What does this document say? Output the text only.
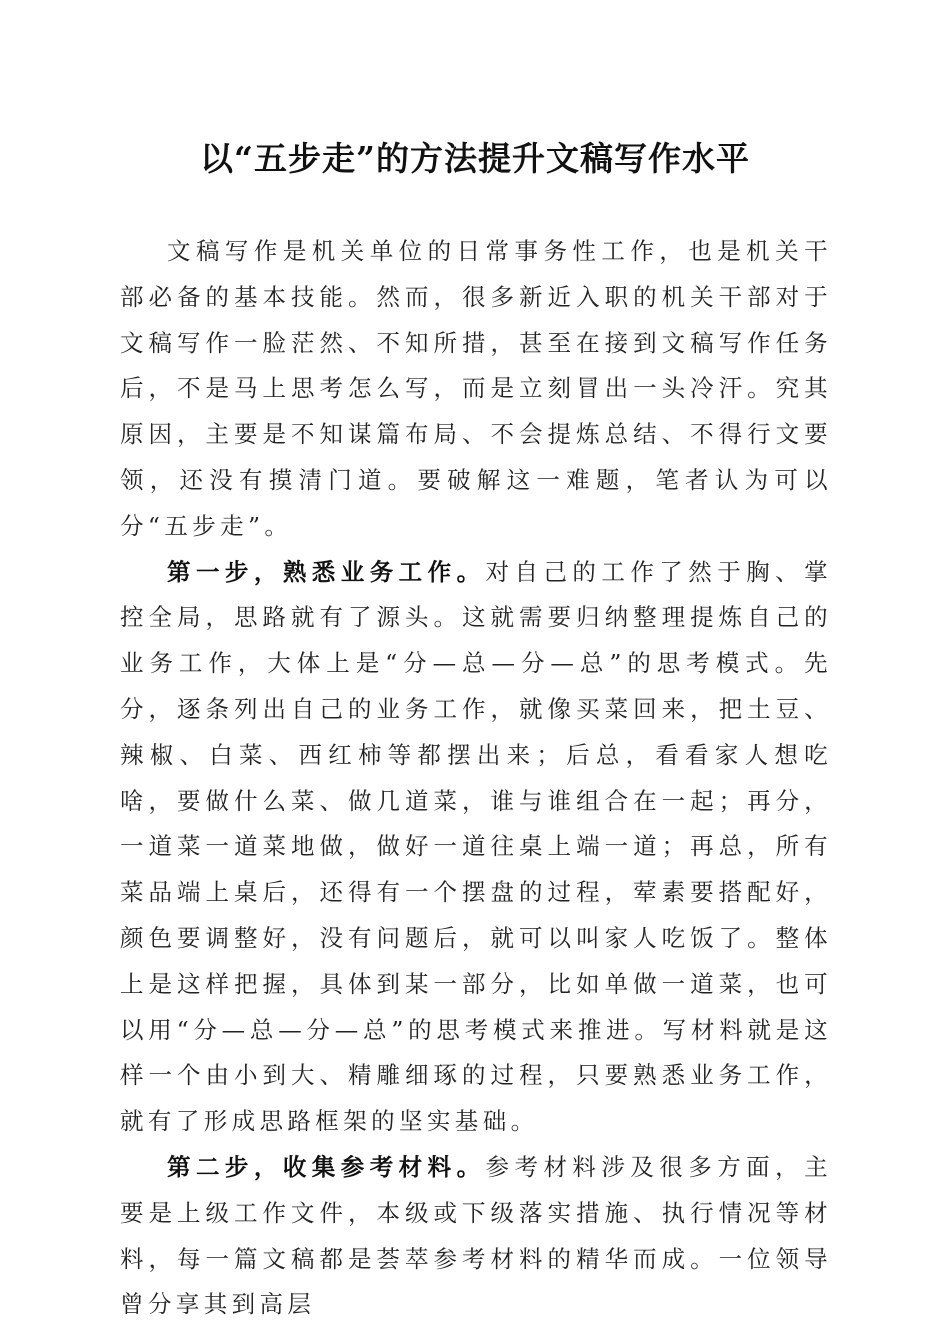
以“五步走”的方法提升文稿写作水平

文稿写作是机关单位的日常事务性工作，也是机关干部必备的基本技能。然而，很多新近入职的机关干部对于文稿写作一脸茫然、不知所措，甚至在接到文稿写作任务后，不是马上思考怎么写，而是立刻冒出一头冷汗。究其原因，主要是不知谋篇布局、不会提炼总结、不得行文要领，还没有摸清门道。要破解这一难题，笔者认为可以分“五步走”。

第一步，熟悉业务工作。对自己的工作了然于胸、掌控全局，思路就有了源头。这就需要归纳整理提炼自己的业务工作，大体上是“分—总—分—总”的思考模式。先分，逐条列出自己的业务工作，就像买菜回来，把土豆、辣椒、白菜、西红柿等都摆出来；后总，看看家人想吃啥，要做什么菜、做几道菜，谁与谁组合在一起；再分，一道菜一道菜地做，做好一道往桌上端一道；再总，所有菜品端上桌后，还得有一个摆盘的过程，荤素要搭配好，颜色要调整好，没有问题后，就可以叫家人吃饭了。整体上是这样把握，具体到某一部分，比如单做一道菜，也可以用“分—总—分—总”的思考模式来推进。写材料就是这样一个由小到大、精雕细琢的过程，只要熟悉业务工作，就有了形成思路框架的坚实基础。

第二步，收集参考材料。参考材料涉及很多方面，主要是上级工作文件，本级或下级落实措施、执行情况等材料，每一篇文稿都是荟萃参考材料的精华而成。一位领导曾分享其到高层
